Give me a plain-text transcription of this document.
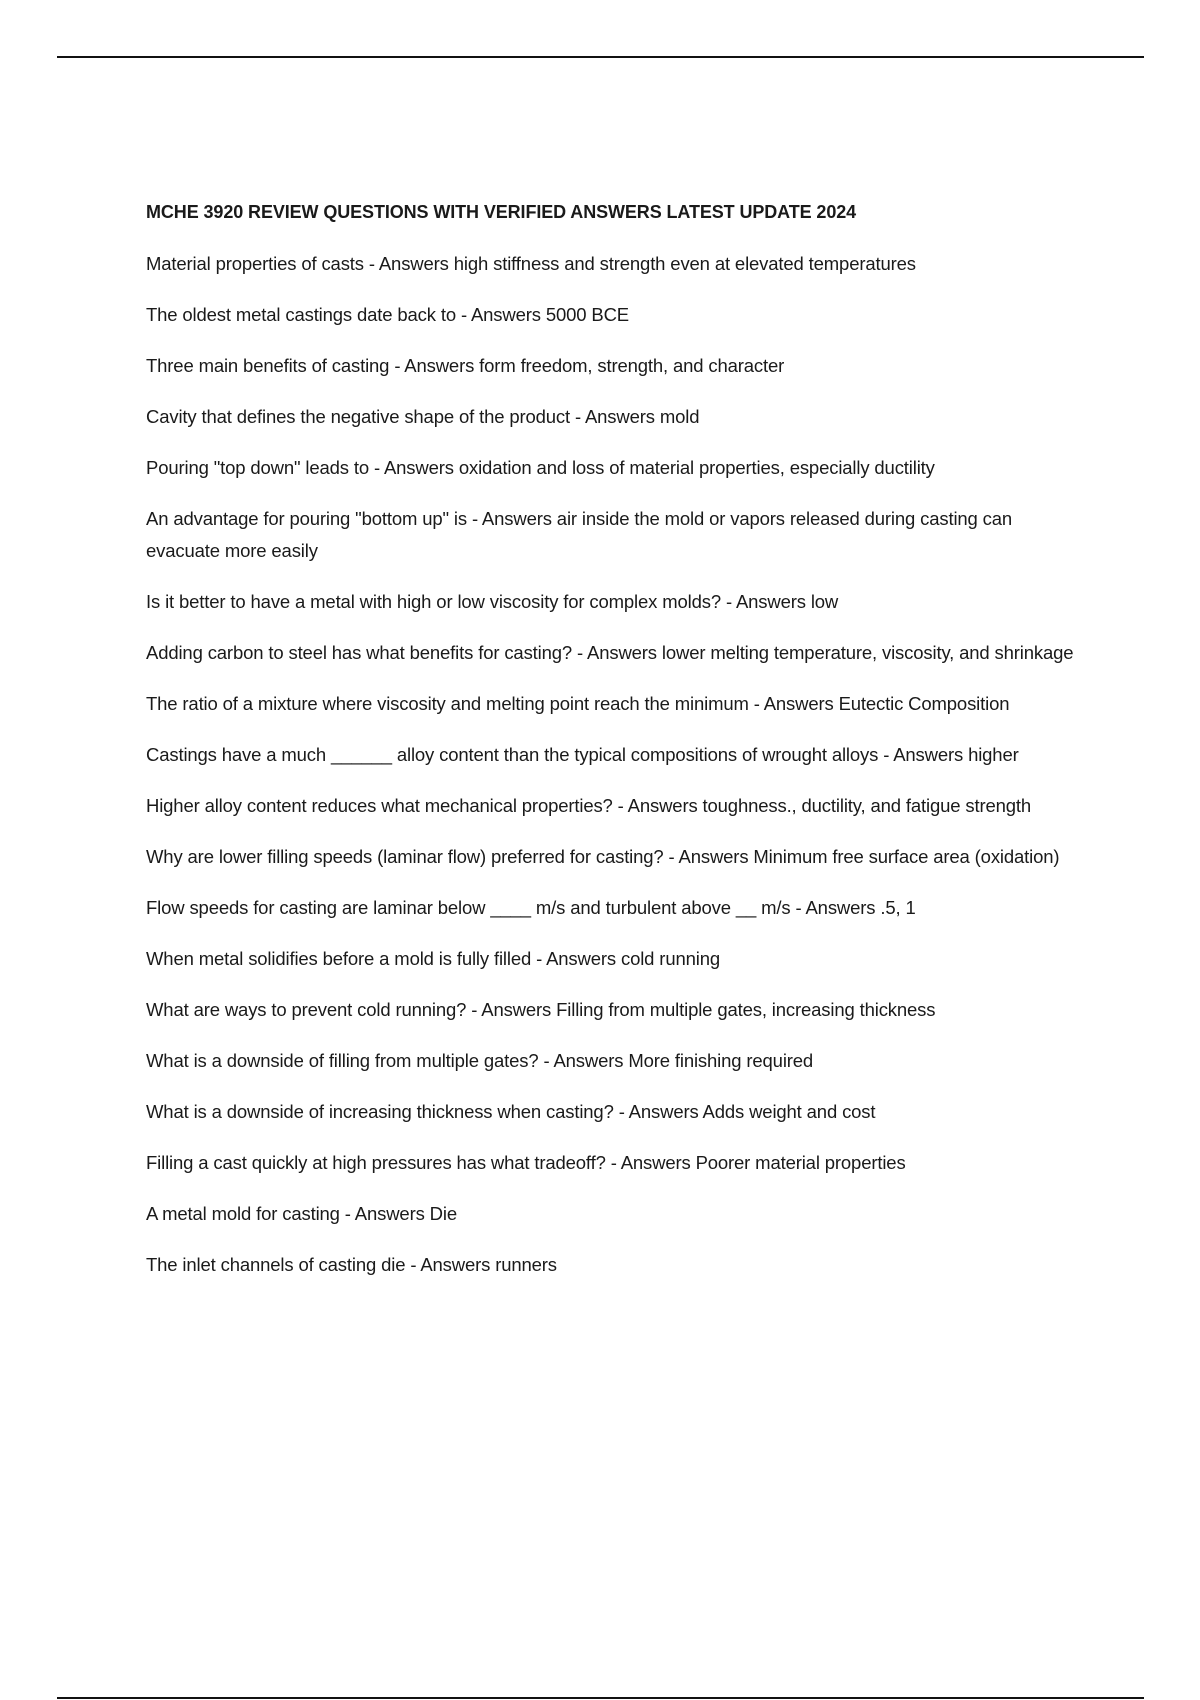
MCHE 3920 REVIEW QUESTIONS WITH VERIFIED ANSWERS LATEST UPDATE 2024
Material properties of casts - Answers high stiffness and strength even at elevated temperatures
The oldest metal castings date back to - Answers 5000 BCE
Three main benefits of casting - Answers form freedom, strength, and character
Cavity that defines the negative shape of the product - Answers mold
Pouring "top down" leads to - Answers oxidation and loss of material properties, especially ductility
An advantage for pouring "bottom up" is - Answers air inside the mold or vapors released during casting can evacuate more easily
Is it better to have a metal with high or low viscosity for complex molds? - Answers low
Adding carbon to steel has what benefits for casting? - Answers lower melting temperature, viscosity, and shrinkage
The ratio of a mixture where viscosity and melting point reach the minimum - Answers Eutectic Composition
Castings have a much ______ alloy content than the typical compositions of wrought alloys - Answers higher
Higher alloy content reduces what mechanical properties? - Answers toughness., ductility, and fatigue strength
Why are lower filling speeds (laminar flow) preferred for casting? - Answers Minimum free surface area (oxidation)
Flow speeds for casting are laminar below ____ m/s and turbulent above __ m/s - Answers .5, 1
When metal solidifies before a mold is fully filled - Answers cold running
What are ways to prevent cold running? - Answers Filling from multiple gates, increasing thickness
What is a downside of filling from multiple gates? - Answers More finishing required
What is a downside of increasing thickness when casting? - Answers Adds weight and cost
Filling a cast quickly at high pressures has what tradeoff? - Answers Poorer material properties
A metal mold for casting - Answers Die
The inlet channels of casting die - Answers runners
